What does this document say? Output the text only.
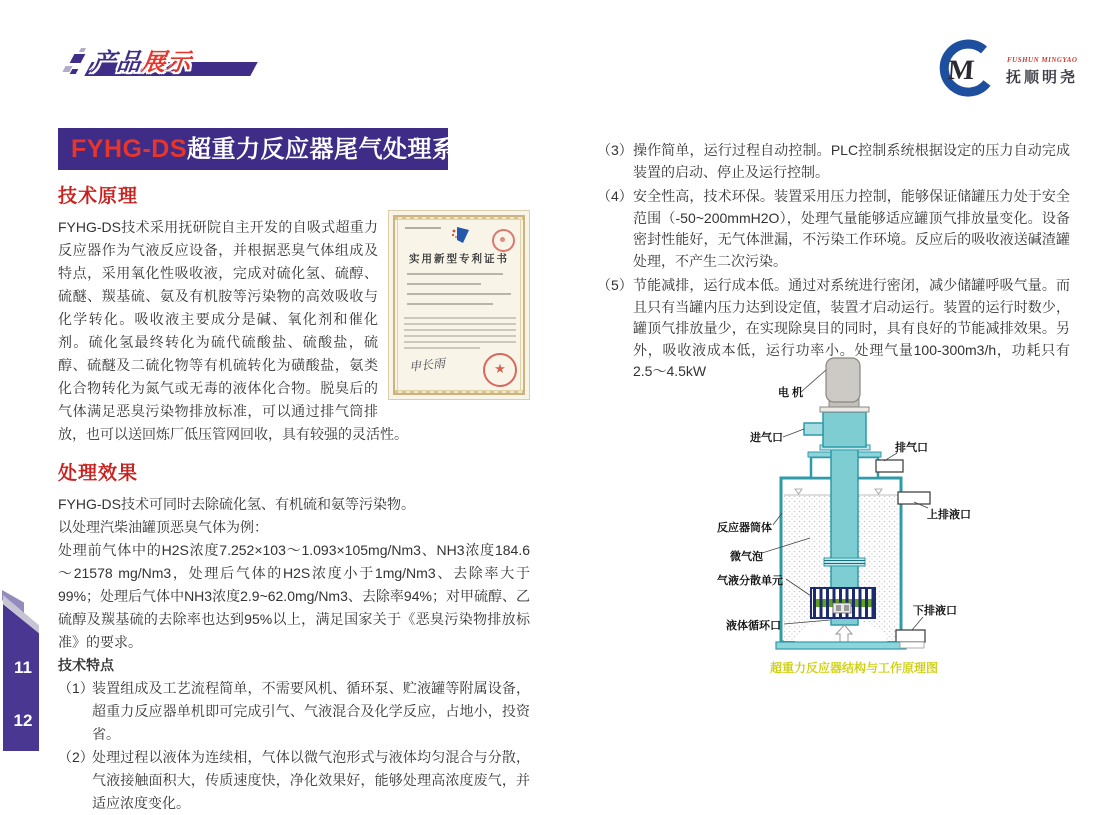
11
12
产品展示	M	FUSHUN MINGYAO
抚顺明尧
FYHG-DS超重力反应器尾气处理系统
技术原理
实用新型专利证书
申长雨	★
FYHG-DS技术采用抚研院自主开发的自吸式超重力反应器作为气液反应设备，并根据恶臭气体组成及特点，采用氧化性吸收液，完成对硫化氢、硫醇、硫醚、羰基硫、氨及有机胺等污染物的高效吸收与化学转化。吸收液主要成分是碱、氧化剂和催化剂。硫化氢最终转化为硫代硫酸盐、硫酸盐，硫醇、硫醚及二硫化物等有机硫转化为磺酸盐，氨类化合物转化为氮气或无毒的液体化合物。脱臭后的气体满足恶臭污染物排放标准，可以通过排气筒排放，也可以送回炼厂低压管网回收，具有较强的灵活性。
处理效果
FYHG-DS技术可同时去除硫化氢、有机硫和氨等污染物。
以处理汽柴油罐顶恶臭气体为例：
处理前气体中的H2S浓度7.252×103～1.093×105mg/Nm3、NH3浓度184.6～21578 mg/Nm3，处理后气体的H2S浓度小于1mg/Nm3、去除率大于99%；处理后气体中NH3浓度2.9~62.0mg/Nm3、去除率94%；对甲硫醇、乙硫醇及羰基硫的去除率也达到95%以上，满足国家关于《恶臭污染物排放标准》的要求。
技术特点
（1）
装置组成及工艺流程简单，不需要风机、循环泵、贮液罐等附属设备，超重力反应器单机即可完成引气、气液混合及化学反应，占地小，投资省。
（2）
处理过程以液体为连续相，气体以微气泡形式与液体均匀混合与分散，气液接触面积大，传质速度快，净化效果好，能够处理高浓度废气，并适应浓度变化。
（3） 操作简单，运行过程自动控制。PLC控制系统根据设定的压力自动完成装置的启动、停止及运行控制。
（4） 安全性高，技术环保。装置采用压力控制，能够保证储罐压力处于安全范围（-50~200mmH2O），处理气量能够适应罐顶气排放量变化。设备密封性能好，无气体泄漏，不污染工作环境。反应后的吸收液送碱渣罐处理，不产生二次污染。
（5） 节能减排，运行成本低。通过对系统进行密闭，减少储罐呼吸气量。而且只有当罐内压力达到设定值，装置才启动运行。装置的运行时数少，罐顶气排放量少，在实现除臭目的同时，具有良好的节能减排效果。另外，吸收液成本低，运行功率小。处理气量100-300m3/h，功耗只有2.5～4.5kW
电 机
进气口
排气口
上排液口
反应器筒体
微气泡
气液分散单元
液体循环口
下排液口
超重力反应器结构与工作原理图
